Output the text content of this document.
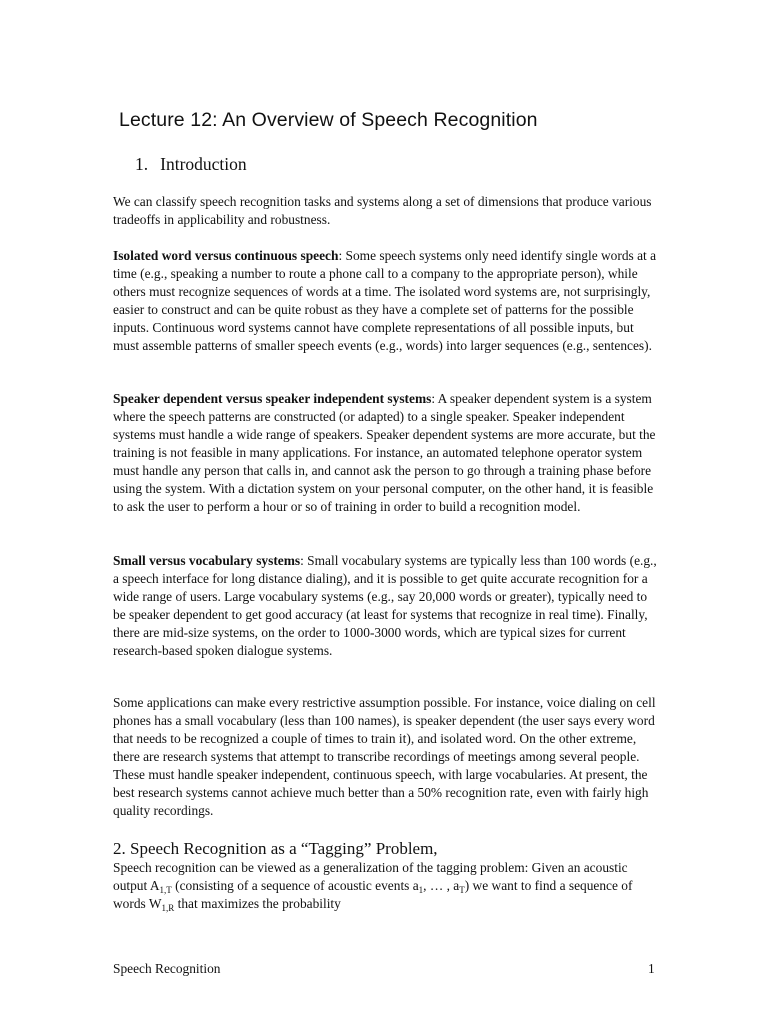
Lecture 12: An Overview of Speech Recognition
1. Introduction

We can classify speech recognition tasks and systems along a set of dimensions that produce various tradeoffs in applicability and robustness.

Isolated word versus continuous speech: Some speech systems only need identify single words at a time (e.g., speaking a number to route a phone call to a company to the appropriate person), while others must recognize sequences of words at a time. The isolated word systems are, not surprisingly, easier to construct and can be quite robust as they have a complete set of patterns for the possible inputs. Continuous word systems cannot have complete representations of all possible inputs, but must assemble patterns of smaller speech events (e.g., words) into larger sequences (e.g., sentences).

Speaker dependent versus speaker independent systems: A speaker dependent system is a system where the speech patterns are constructed (or adapted) to a single speaker. Speaker independent systems must handle a wide range of speakers. Speaker dependent systems are more accurate, but the training is not feasible in many applications. For instance, an automated telephone operator system must handle any person that calls in, and cannot ask the person to go through a training phase before using the system. With a dictation system on your personal computer, on the other hand, it is feasible to ask the user to perform a hour or so of training in order to build a recognition model.

Small versus vocabulary systems: Small vocabulary systems are typically less than 100 words (e.g., a speech interface for long distance dialing), and it is possible to get quite accurate recognition for a wide range of users. Large vocabulary systems (e.g., say 20,000 words or greater), typically need to be speaker dependent to get good accuracy (at least for systems that recognize in real time). Finally, there are mid-size systems, on the order to 1000-3000 words, which are typical sizes for current research-based spoken dialogue systems.

Some applications can make every restrictive assumption possible. For instance, voice dialing on cell phones has a small vocabulary (less than 100 names), is speaker dependent (the user says every word that needs to be recognized a couple of times to train it), and isolated word. On the other extreme, there are research systems that attempt to transcribe recordings of meetings among several people. These must handle speaker independent, continuous speech, with large vocabularies. At present, the best research systems cannot achieve much better than a 50% recognition rate, even with fairly high quality recordings.

2. Speech Recognition as a “Tagging” Problem,

Speech recognition can be viewed as a generalization of the tagging problem: Given an acoustic output $A_{1,T}$ (consisting of a sequence of acoustic events $a_1$, … , $a_T$) we want to find a sequence of words $W_{1,R}$ that maximizes the probability

Speech Recognition	1
